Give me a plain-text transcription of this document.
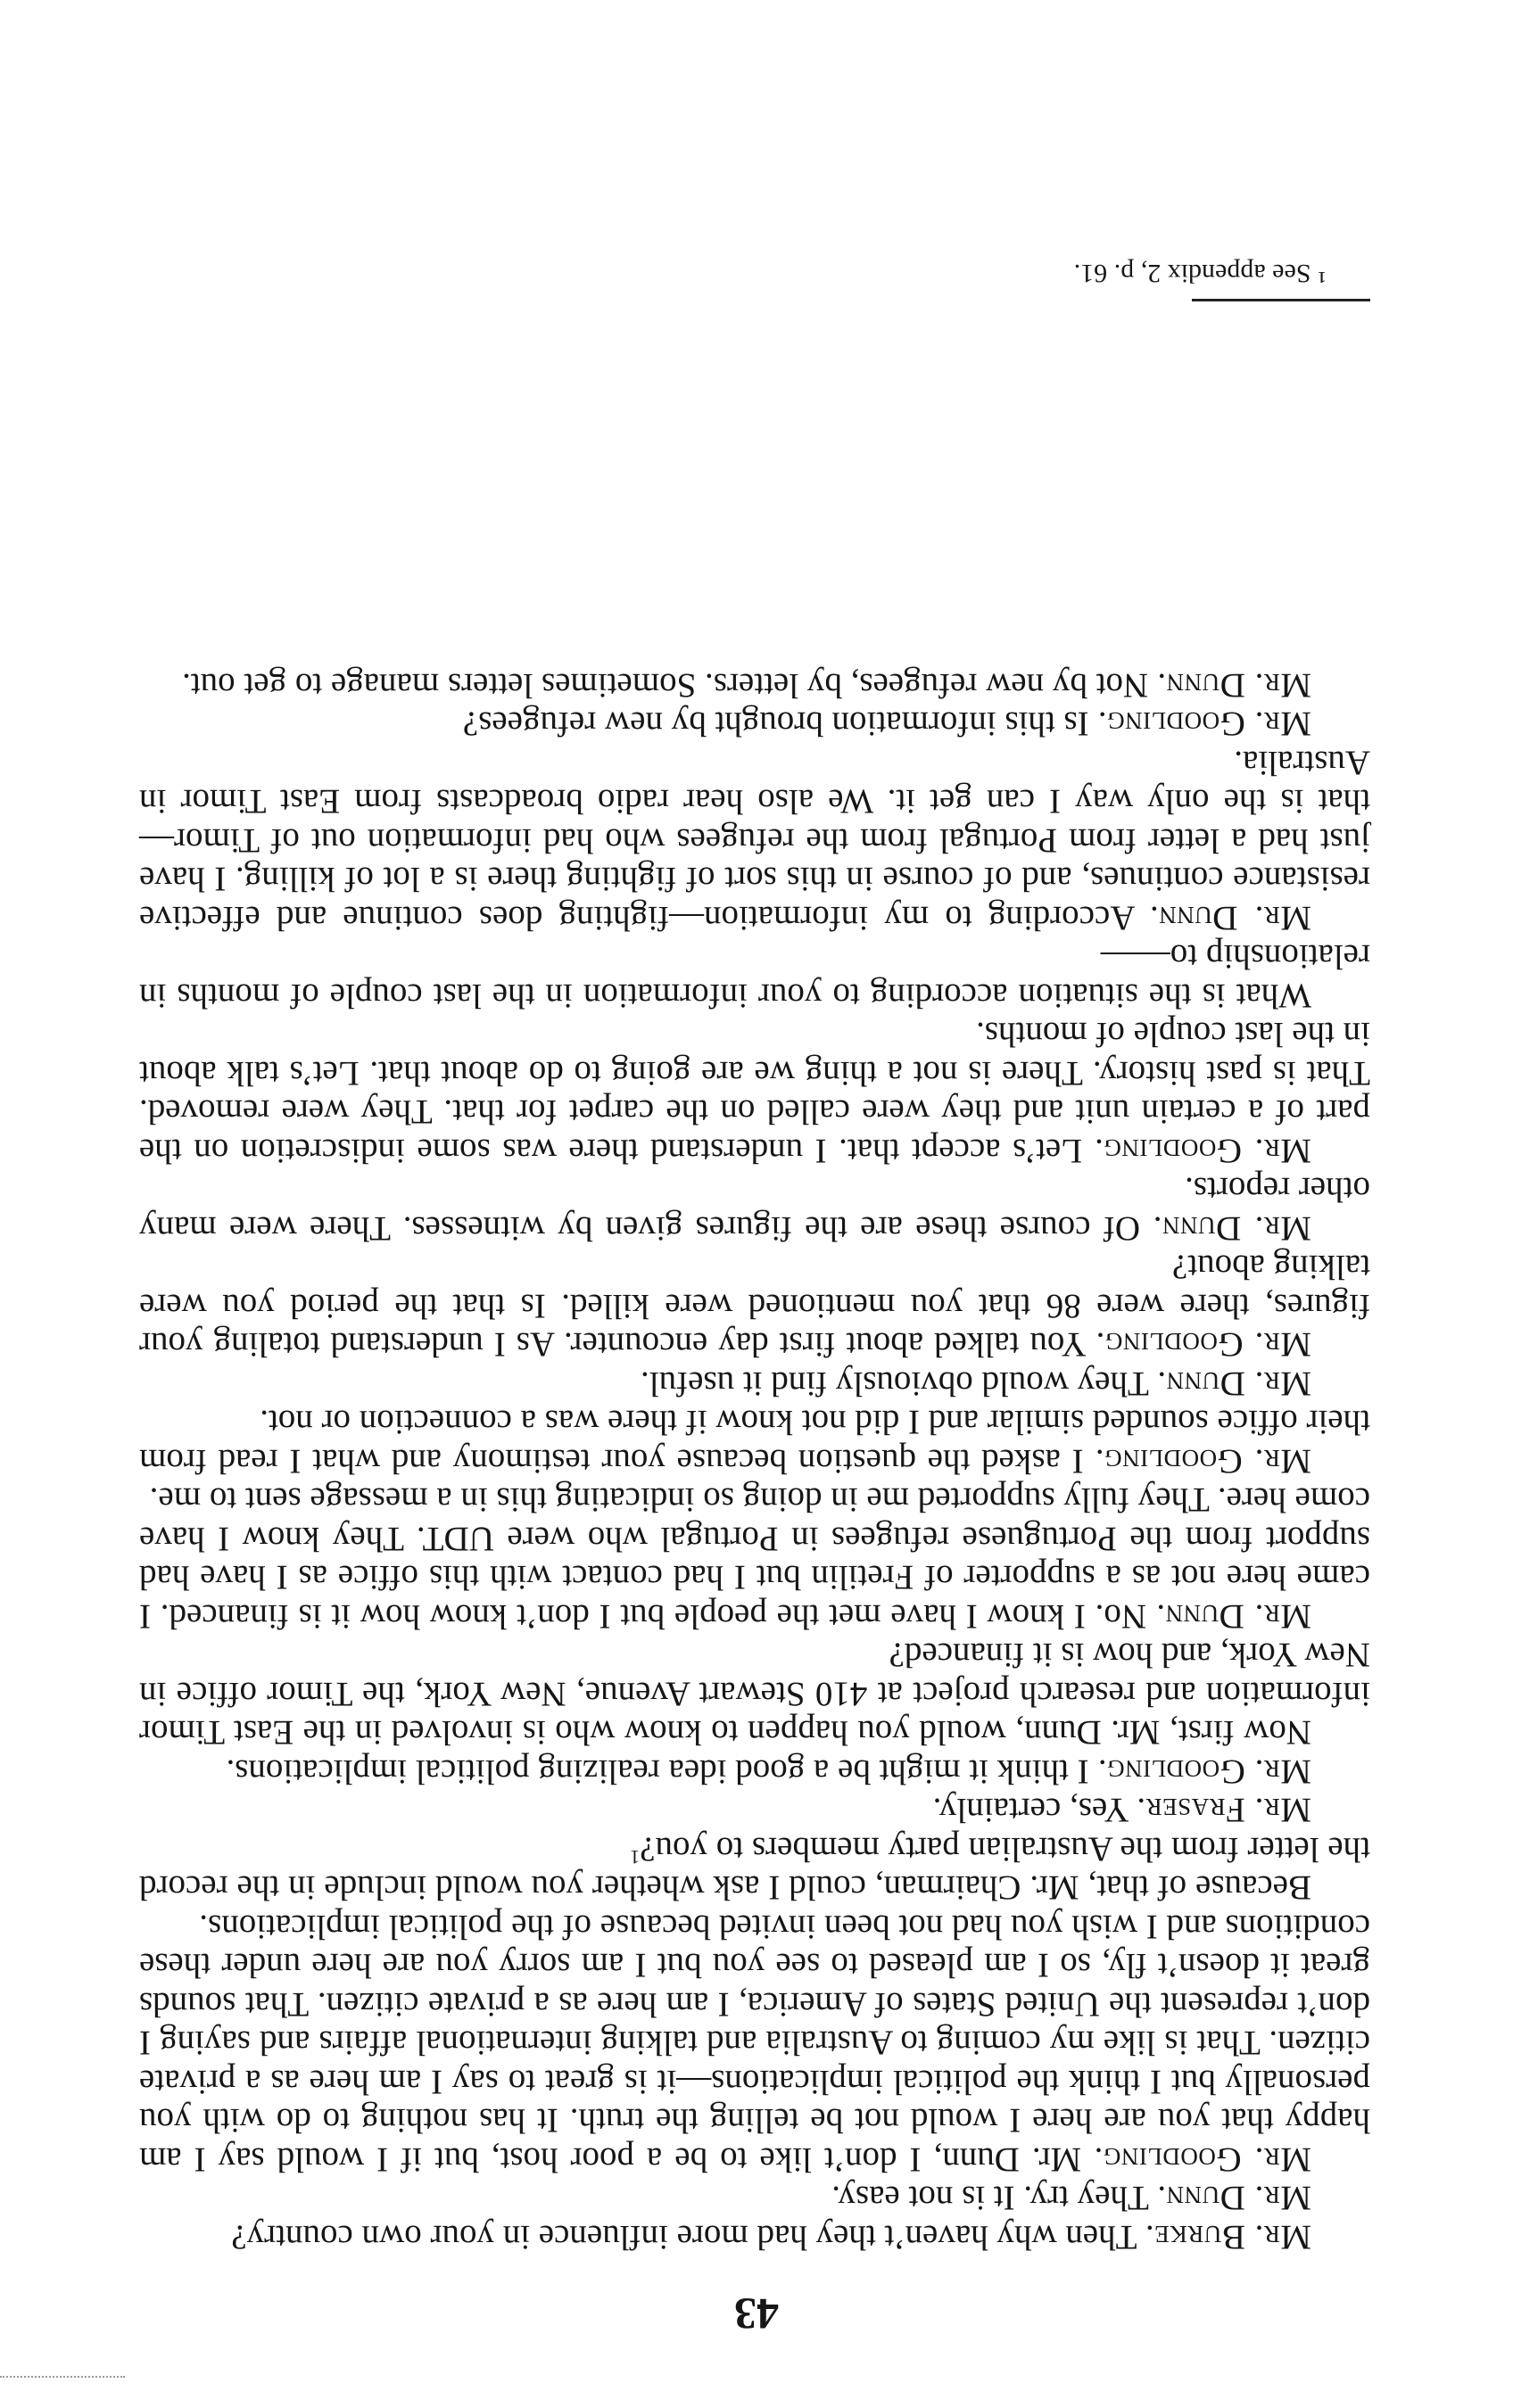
43

Mr. Burke. Then why haven’t they had more influence in your own country?

Mr. Dunn. They try. It is not easy.

Mr. Goodling. Mr. Dunn, I don’t like to be a poor host, but if I would say I am happy that you are here I would not be telling the truth. It has nothing to do with you personally but I think the political implications—it is great to say I am here as a private citizen. That is like my coming to Australia and talking international affairs and saying I don’t represent the United States of America, I am here as a private citizen. That sounds great it doesn’t fly, so I am pleased to see you but I am sorry you are here under these conditions and I wish you had not been invited because of the political implications.

Because of that, Mr. Chairman, could I ask whether you would include in the record the letter from the Australian party members to you?$^1$

Mr. Fraser. Yes, certainly.

Mr. Goodling. I think it might be a good idea realizing political implications.

Now first, Mr. Dunn, would you happen to know who is involved in the East Timor information and research project at 410 Stewart Avenue, New York, the Timor office in New York, and how is it financed?

Mr. Dunn. No. I know I have met the people but I don’t know how it is financed. I came here not as a supporter of Fretilin but I had contact with this office as I have had support from the Portuguese refugees in Portugal who were UDT. They know I have come here. They fully supported me in doing so indicating this in a message sent to me.

Mr. Goodling. I asked the question because your testimony and what I read from their office sounded similar and I did not know if there was a connection or not.

Mr. Dunn. They would obviously find it useful.

Mr. Goodling. You talked about first day encounter. As I understand totaling your figures, there were 86 that you mentioned were killed. Is that the period you were talking about?

Mr. Dunn. Of course these are the figures given by witnesses. There were many other reports.

Mr. Goodling. Let’s accept that. I understand there was some indiscretion on the part of a certain unit and they were called on the carpet for that. They were removed. That is past history. There is not a thing we are going to do about that. Let’s talk about in the last couple of months.

What is the situation according to your information in the last couple of months in relationship to——

Mr. Dunn. According to my information—fighting does continue and effective resistance continues, and of course in this sort of fighting there is a lot of killing. I have just had a letter from Portugal from the refugees who had information out of Timor—that is the only way I can get it. We also hear radio broadcasts from East Timor in Australia.

Mr. Goodling. Is this information brought by new refugees?

Mr. Dunn. Not by new refugees, by letters. Sometimes letters manage to get out.

¹ See appendix 2, p. 61.
